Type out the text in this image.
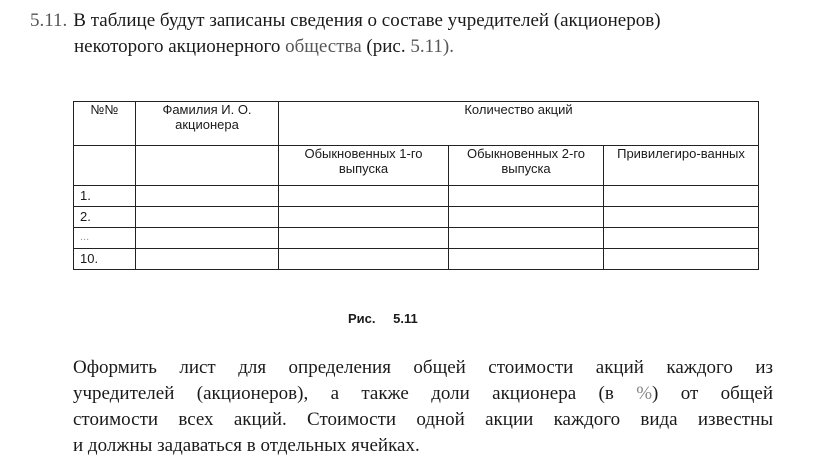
5.11. В таблице будут записаны сведения о составе учредителей (акционеров)
некоторого акционерного общества (рис. 5.11).
№№	Фамилия И. О. акционера	Количество акций		
		Обыкновенных 1-го выпуска	Обыкновенных 2-го выпуска	Привилегиро-ванных
1.				
2.				
...				
10.				
Рис. 5.11
Оформить лист для определения общей стоимости акций каждого из
учредителей (акционеров), а также доли акционера (в %) от общей
стоимости всех акций. Стоимости одной акции каждого вида известны
и должны задаваться в отдельных ячейках.
